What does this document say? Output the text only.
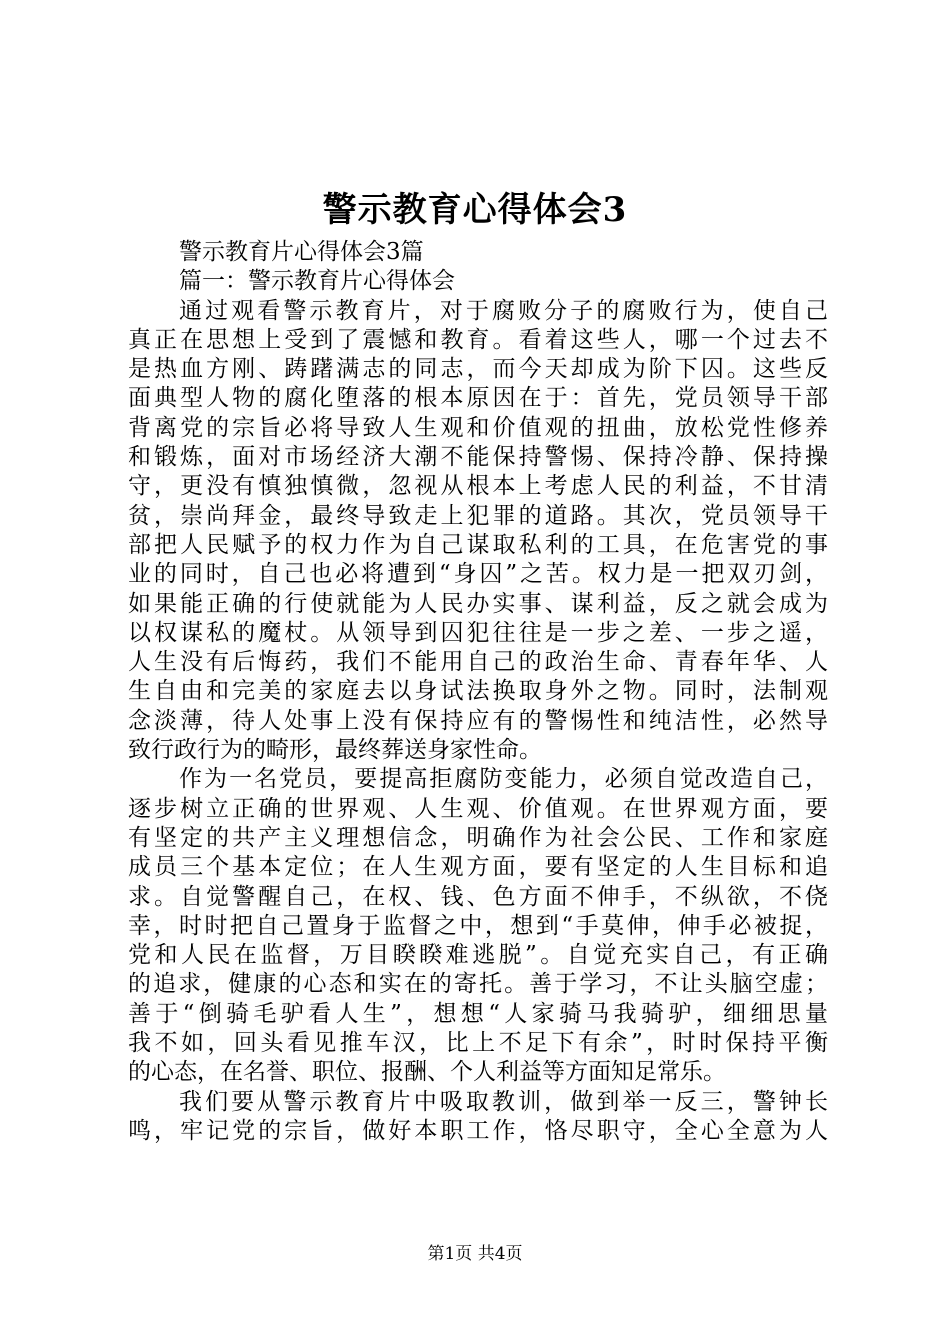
警示教育心得体会3
警示教育片心得体会3篇
篇一：警示教育片心得体会
通过观看警示教育片，对于腐败分子的腐败行为，使自己
真正在思想上受到了震憾和教育。看着这些人，哪一个过去不
是热血方刚、踌躇满志的同志，而今天却成为阶下囚。这些反
面典型人物的腐化堕落的根本原因在于：首先，党员领导干部
背离党的宗旨必将导致人生观和价值观的扭曲，放松党性修养
和锻炼，面对市场经济大潮不能保持警惕、保持冷静、保持操
守，更没有慎独慎微，忽视从根本上考虑人民的利益，不甘清
贫，崇尚拜金，最终导致走上犯罪的道路。其次，党员领导干
部把人民赋予的权力作为自己谋取私利的工具，在危害党的事
业的同时，自己也必将遭到“身囚”之苦。权力是一把双刃剑，
如果能正确的行使就能为人民办实事、谋利益，反之就会成为
以权谋私的魔杖。从领导到囚犯往往是一步之差、一步之遥，
人生没有后悔药，我们不能用自己的政治生命、青春年华、人
生自由和完美的家庭去以身试法换取身外之物。同时，法制观
念淡薄，待人处事上没有保持应有的警惕性和纯洁性，必然导
致行政行为的畸形，最终葬送身家性命。
作为一名党员，要提高拒腐防变能力，必须自觉改造自己，
逐步树立正确的世界观、人生观、价值观。在世界观方面，要
有坚定的共产主义理想信念，明确作为社会公民、工作和家庭
成员三个基本定位；在人生观方面，要有坚定的人生目标和追
求。自觉警醒自己，在权、钱、色方面不伸手，不纵欲，不侥
幸，时时把自己置身于监督之中，想到“手莫伸，伸手必被捉，
党和人民在监督，万目睽睽难逃脱”。自觉充实自己，有正确
的追求，健康的心态和实在的寄托。善于学习，不让头脑空虚；
善于“倒骑毛驴看人生”，想想“人家骑马我骑驴，细细思量
我不如，回头看见推车汉，比上不足下有余”，时时保持平衡
的心态，在名誉、职位、报酬、个人利益等方面知足常乐。
我们要从警示教育片中吸取教训，做到举一反三，警钟长
鸣，牢记党的宗旨，做好本职工作，恪尽职守，全心全意为人
第1页 共4页
